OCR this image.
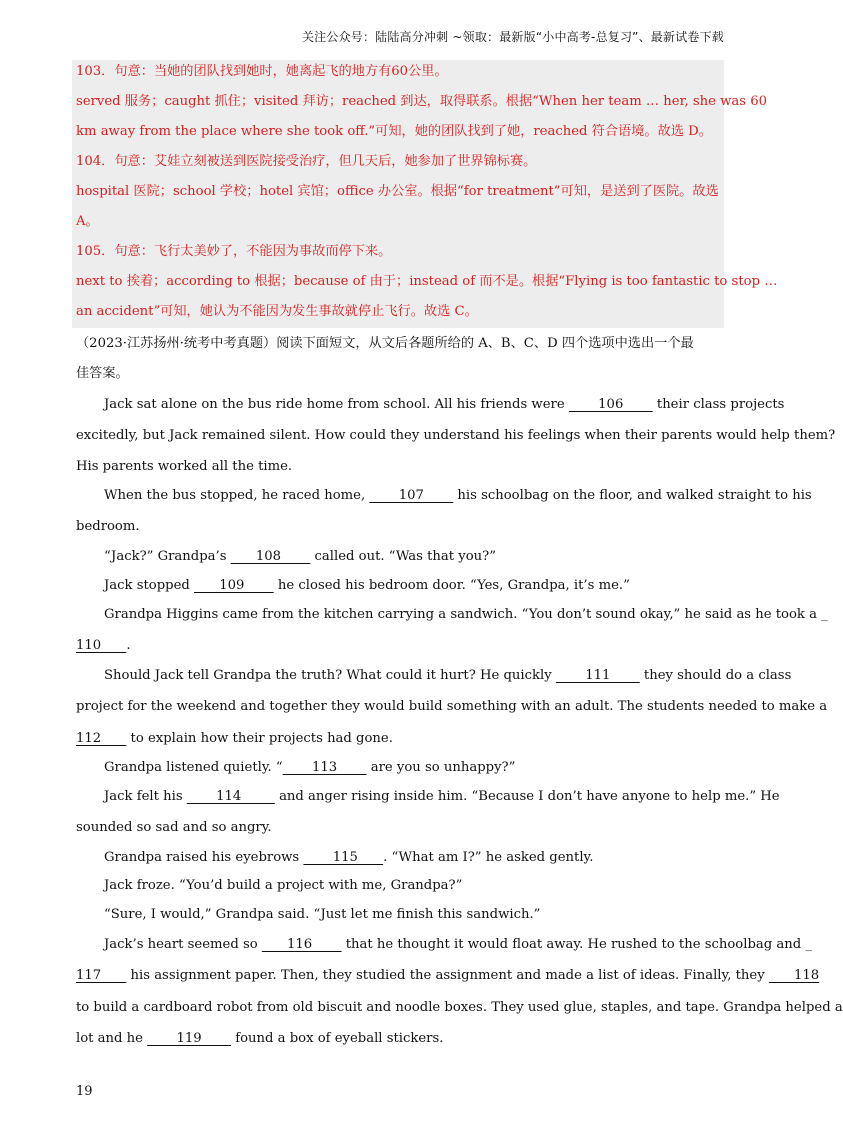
关注公众号：陆陆高分冲刺 ~领取：最新版“小中高考-总复习”、最新试卷下载
103．句意：当她的团队找到她时，她离起飞的地方有60公里。
served 服务；caught 抓住；visited 拜访；reached 到达，取得联系。根据“When her team … her, she was 60
km away from the place where she took off.”可知，她的团队找到了她，reached 符合语境。故选 D。
104．句意：艾娃立刻被送到医院接受治疗，但几天后，她参加了世界锦标赛。
hospital 医院；school 学校；hotel 宾馆；office 办公室。根据“for treatment”可知，是送到了医院。故选
A。
105．句意：飞行太美妙了，不能因为事故而停下来。
next to 挨着；according to 根据；because of 由于；instead of 而不是。根据“Flying is too fantastic to stop …
an accident”可知，她认为不能因为发生事故就停止飞行。故选 C。
（2023·江苏扬州·统考中考真题）阅读下面短文，从文后各题所给的 A、B、C、D 四个选项中选出一个最
佳答案。
Jack sat alone on the bus ride home from school. All his friends were        106        their class projects
excitedly, but Jack remained silent. How could they understand his feelings when their parents would help them?
His parents worked all the time.
When the bus stopped, he raced home,        107        his schoolbag on the floor, and walked straight to his
bedroom.
“Jack?” Grandpa’s       108        called out. “Was that you?”
Jack stopped       109        he closed his bedroom door. “Yes, Grandpa, it’s me.”
Grandpa Higgins came from the kitchen carrying a sandwich. “You don’t sound okay,” he said as he took a _
110      .
Should Jack tell Grandpa the truth? What could it hurt? He quickly        111        they should do a class
project for the weekend and together they would build something with an adult. The students needed to make a
112       to explain how their projects had gone.
Grandpa listened quietly. “       113        are you so unhappy?”
Jack felt his        114         and anger rising inside him. “Because I don’t have anyone to help me.” He
sounded so sad and so angry.
Grandpa raised his eyebrows        115      . “What am I?” he asked gently.
Jack froze. “You’d build a project with me, Grandpa?”
“Sure, I would,” Grandpa said. “Just let me finish this sandwich.”
Jack’s heart seemed so       116        that he thought it would float away. He rushed to the schoolbag and _
117       his assignment paper. Then, they studied the assignment and made a list of ideas. Finally, they       118
to build a cardboard robot from old biscuit and noodle boxes. They used glue, staples, and tape. Grandpa helped a
lot and he        119        found a box of eyeball stickers.
19
